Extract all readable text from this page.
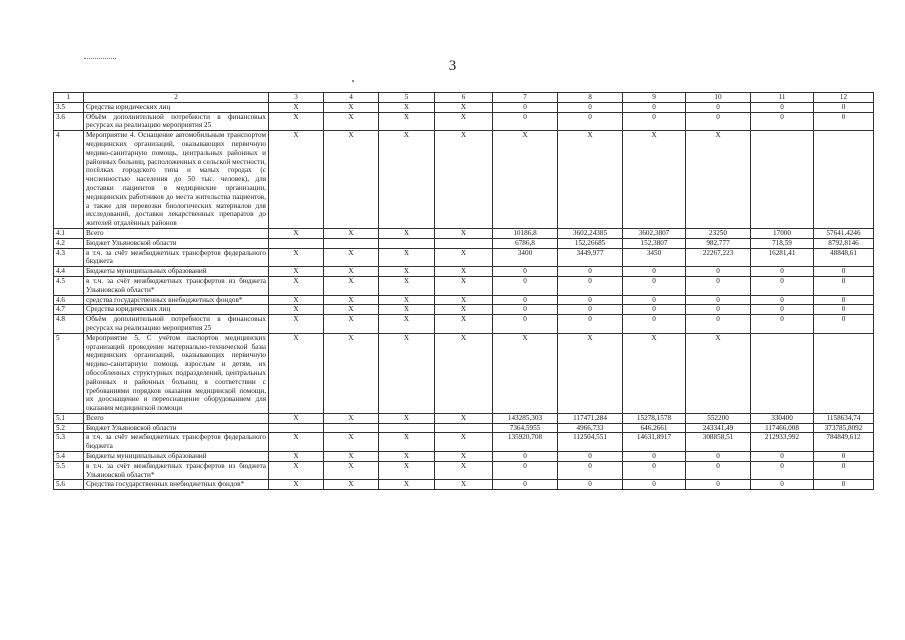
3
1	2	3	4	5	6	7	8	9	10	11	12
3.5	Средства юридических лиц	X	X	X	X	0	0	0	0	0	0
3.6	Объём дополнительной потребности в финансовых ресурсах на реализацию мероприятия 25	X	X	X	X	0	0	0	0	0	0
4	Мероприятие 4. Оснащение автомобильным транспортом медицинских организаций, оказывающих первичную медико-санитарную помощь, центральных районных и районных больниц, расположенных в сельской местности, посёлках городского типа и малых городах (с численностью населения до 50 тыс. человек), для доставки пациентов в медицинские организации, медицинских работников до места жительства пациентов, а также для перевозки биологических материалов для исследований, доставки лекарственных препаратов до жителей отдалённых районов	X	X	X	X	X	X	X	X		
4.1	Всего	X	X	X	X	10186,8	3602,24385	3602,3807	23250	17000	57641,4246
4.2	Бюджет Ульяновской области					6786,8	152,26685	152,3807	982,777	718,59	8792,8146
4.3	в т.ч. за счёт межбюджетных трансфертов федерального бюджета	X	X	X	X	3400	3449,977	3450	22267,223	16281,41	48848,61
4.4	Бюджеты муниципальных образований	X	X	X	X	0	0	0	0	0	0
4.5	в т.ч. за счёт межбюджетных трансфертов из бюджета Ульяновской области*	X	X	X	X	0	0	0	0	0	0
4.6	средства государственных внебюджетных фондов*	X	X	X	X	0	0	0	0	0	0
4.7	Средства юридических лиц	X	X	X	X	0	0	0	0	0	0
4.8	Объём дополнительной потребности в финансовых ресурсах на реализацию мероприятия 25	X	X	X	X	0	0	0	0	0	0
5	Мероприятие 5. С учётом паспортов медицинских организаций проведение материально-технической базы медицинских организаций, оказывающих первичную медико-санитарную помощь взрослым и детям, их обособленных структурных подразделений, центральных районных и районных больниц в соответствии с требованиями порядков оказания медицинской помощи, их дооснащение и переоснащение оборудованием для оказания медицинской помощи	X	X	X	X	X	X	X	X		
5.1	Всего	X	X	X	X	143285,303	117471,284	15278,1578	552200	330400	1158634,74
5.2	Бюджет Ульяновской области					7364,5955	4966,733	646,2661	243341,49	117466,008	373785,8092
5.3	в т.ч. за счёт межбюджетных трансфертов федерального бюджета	X	X	X	X	135920,708	112504,551	14631,8917	308858,51	212933,992	784849,612
5.4	Бюджеты муниципальных образований	X	X	X	X	0	0	0	0	0	0
5.5	в т.ч. за счёт межбюджетных трансфертов из бюджета Ульяновской области*	X	X	X	X	0	0	0	0	0	0
5.6	Средства государственных внебюджетных фондов*	X	X	X	X	0	0	0	0	0	0
